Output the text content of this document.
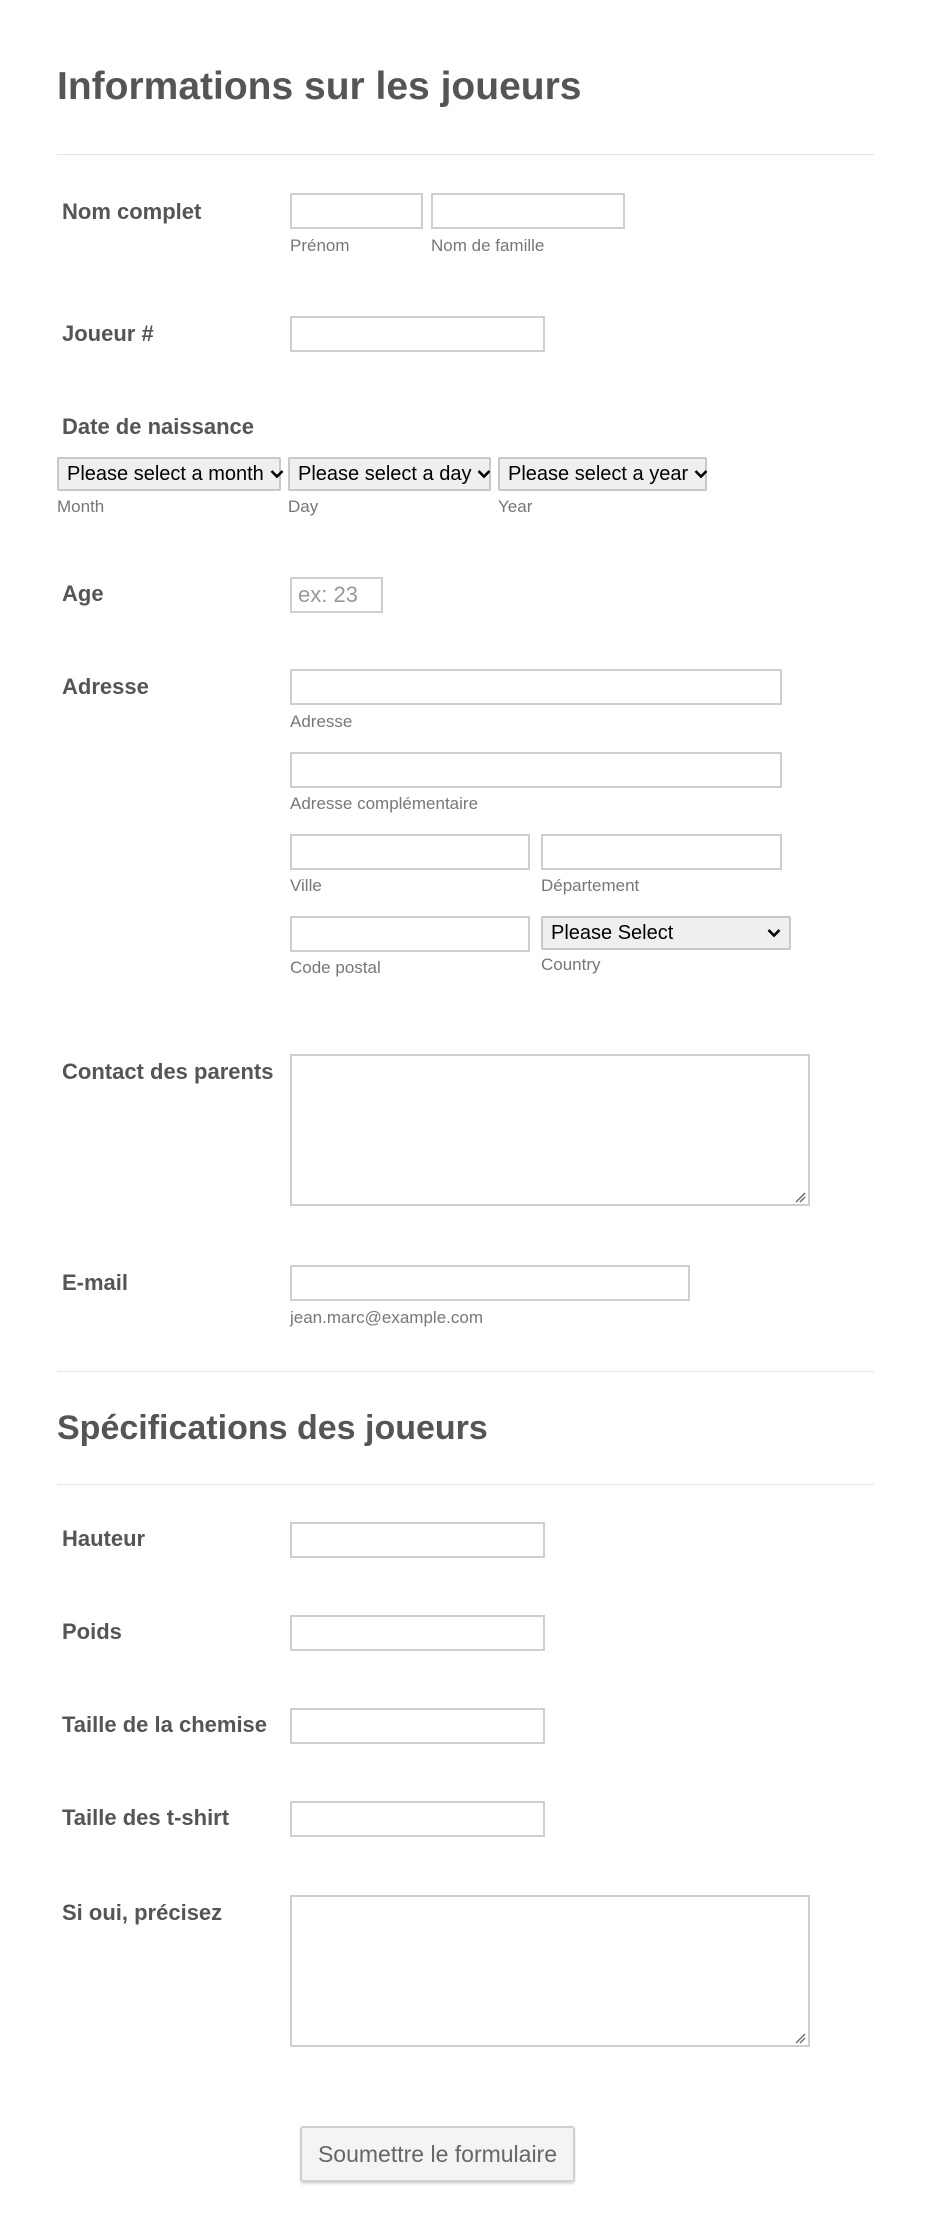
Informations sur les joueurs
Nom complet
Prénom	Nom de famille
Joueur #
Date de naissance
Please select a month Please select a day Please select a year
Month	Day	Year
Age
ex: 23
Adresse
Adresse
Adresse complémentaire
Ville	Département
Please Select
Code postal	Country
Contact des parents
E-mail
jean.marc@example.com
Spécifications des joueurs
Hauteur
Poids
Taille de la chemise
Taille des t-shirt
Si oui, précisez
Soumettre le formulaire
